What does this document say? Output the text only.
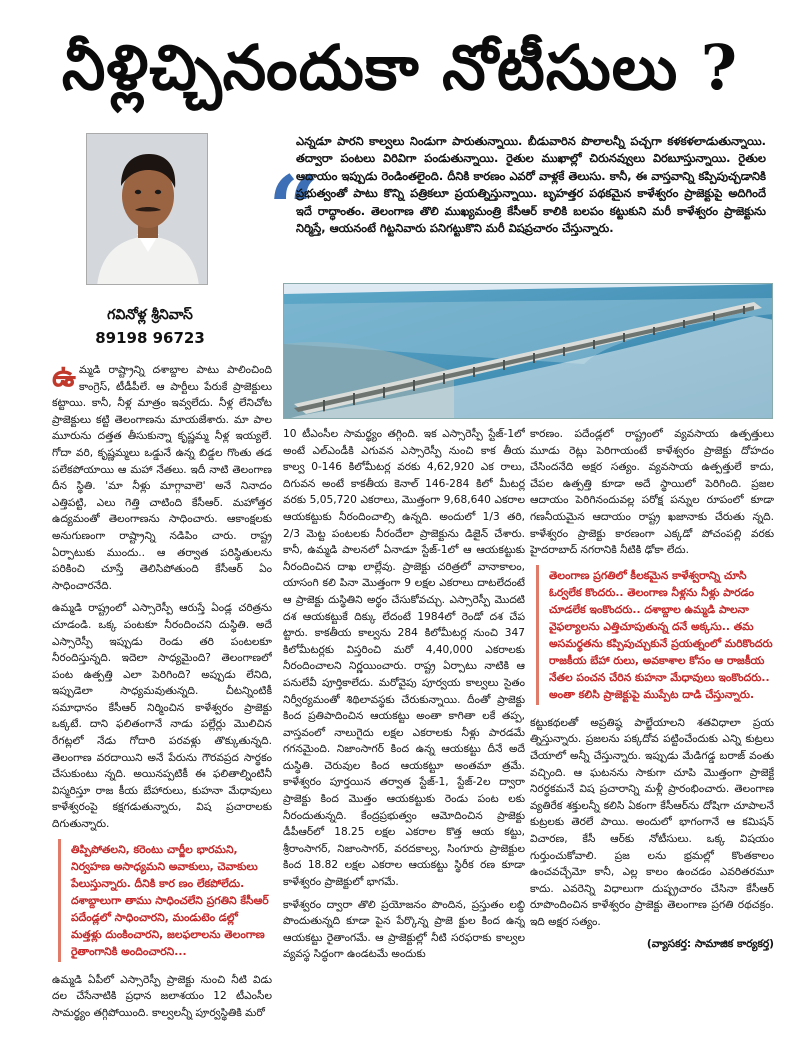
నీళ్లిచ్చినందుకా నోటీసులు ?
గవినోళ్ల శ్రీనివాస్
89198 96723
“

ఎన్నడూ పారని కాల్వలు నిండుగా పారుతున్నాయి. బీడువారిన పొలాలన్నీ పచ్చగా కళకళలాడుతున్నాయి. తద్వారా పంటలు విరివిగా పండుతున్నాయి. రైతుల ముఖాల్లో చిరునవ్వులు విరబూస్తున్నాయి. రైతుల ఆదాయం ఇప్పుడు రెండింతలైంది. దీనికి కారణం ఎవరో వాళ్లకే తెలుసు. కానీ, ఈ వాస్తవాన్ని కప్పిపుచ్చడానికి ప్రభుత్వంతో పాటు కొన్ని పత్రికలూ ప్రయత్నిస్తున్నాయి. బృహత్తర పథకమైన కాళేశ్వరం ప్రాజెక్టుపై అదిగిందే ఇదే రాద్ధాంతం. తెలంగాణ తొలి ముఖ్యమంత్రి కేసీఆర్ కాలికి బలపం కట్టుకుని మరీ కాళేశ్వరం ప్రాజెక్టును నిర్మిస్తే, ఆయనంటే గిట్టనివారు పనిగట్టుకొని మరీ విషప్రచారం చేస్తున్నారు.

ఉమ్మడి రాష్ట్రాన్ని దశాబ్దాల పాటు పాలించింది కాంగ్రెస్, టీడీపీలే. ఆ పార్టీలు పేరుకే ప్రాజెక్టులు కట్టాయి. కానీ, నీళ్ల మాత్రం ఇవ్వలేదు. నీళ్ల లేనిచోట ప్రాజెక్టులు కట్టి తెలంగాణను మాయజేశారు. మా పాల మూరును దత్తత తీసుకున్నా కృష్ణమ్మ నీళ్ల ఇయ్యలే. గోదా వరి, కృష్ణమ్మలు ఒడ్డునే ఉన్న బిడ్డల గొంతు తడ పలేకపోయాయి ఆ మహా నేతలు. ఇదీ నాటి తెలంగాణ దీన స్థితి. 'మా నీళ్లు మాగ్గావాలె' అనే నినాదం ఎత్తిపట్టి, ఎలు గెత్తి చాటింది కేసీఆర్. మహోత్తర ఉద్యమంతో తెలంగాణను సాధించారు. ఆకాంక్షలకు అనుగుణంగా రాష్ట్రాన్ని నడిపిం చారు. రాష్ట్ర ఏర్పాటుకు ముందు.. ఆ తర్వాత పరిస్థితులను పరికించి చూస్తే తెలిసిపోతుంది కేసీఆర్ ఏం సాధించారనేది.

ఉమ్మడి రాష్ట్రంలో ఎస్సారెస్పీ ఆరుస్తే ఏండ్ల చరిత్రను చూడండి. ఒక్క పంటకూ నీరందించని దుస్థితి. అదే ఎస్సారెస్పీ ఇప్పుడు రెండు తరి పంటలకూ నీరందిస్తున్నది. ఇదెలా సాధ్యమైంది? తెలంగాణలో పంట ఉత్పత్తి ఎలా పెరిగింది? అప్పుడు లేనిది, ఇప్పుడెలా సాధ్యమవుతున్నది. చీటన్నింటికీ సమాధానం కేసీఆర్ నిర్మించిన కాళేశ్వరం ప్రాజెక్టు ఒక్కటే. దాని ఫలితంగానే నాడు పల్లేర్లు మొలిచిన రేగట్లలో నేడు గోదారి పరవళ్లు తొక్కుతున్నది. తెలంగాణ వరదాయిని అనే పేరును గౌరవప్రద సార్థకం చేసుకుంటు న్నది. అయినప్పటికీ ఈ ఫలితాల్నింటినీ విస్మరిస్తూ రాజ కీయ బేహారులు, కుహనా మేధావులు కాళేశ్వరంపై కక్షగడుతున్నారు, విష ప్రచారాలకు దిగుతున్నారు.

తిప్పిపోతలని, కరెంటు చార్జీల భారమని, నిర్వహణ అసాధ్యమని అవాకులు, చెవాకులు పేలుస్తున్నారు. దీనికి కార ణం లేకపోలేదు. దశాబ్దాలుగా తాము సాధించలేని ప్రగతిని కేసీఆర్ పదేండ్లలో సాధించారని, మండుటెం డల్లో మత్తళ్లు దుంకించారని, జలఫలాలను తెలంగాణ రైతాంగానికి అందించారని...

ఉమ్మడి ఏపీలో ఎస్సారెస్పీ ప్రాజెక్టు నుంచి నీటి విడు దల చేసేనాటికి ప్రధాన జలాశయం 12 టీఎంసీల సామర్థ్యం తగ్గిపోయింది. కాల్వలన్నీ పూర్వస్థితికి మరో

10 టీఎంసీల సామర్థ్యం తగ్గింది. ఇక ఎస్సారెస్పీ స్టేజ్-1లో అంటే ఎల్ఎండీకి ఎగువన ఎస్సారెస్పీ నుంచి కాక తీయ కాల్వ 0-146 కిలోమీటర్ల వరకు 4,62,920 ఎక రాలు, దిగువన అంటే కాకతీయ కెనాల్ 146-284 కిలో మీటర్ల వరకు 5,05,720 ఎకరాలు, మొత్తంగా 9,68,640 ఎకరాల ఆయకట్టుకు నీరందించాల్సి ఉన్నది. అందులో 1/3 తరి, 2/3 మెట్ట పంటలకు నీరందేలా ప్రాజెక్టును డిజైన్ చేశారు. కానీ, ఉమ్మడి పాలనలో ఏనాడూ స్టేజ్-1లో ఆ ఆయకట్టుకు నీరందించిన దాఖ లాల్లేవు. ప్రాజెక్టు చరిత్రలో వానాకాలం, యాసంగి కలి పినా మొత్తంగా 9 లక్షల ఎకరాలు దాటలేదంటే ఆ ప్రాజెక్టు దుస్థితిని అర్థం చేసుకోవచ్చు. ఎస్సారెస్పీ మొదటి దశ ఆయకట్టుకే దిక్కు లేదంటే 1984లో రెండో దశ చేప ట్టారు. కాకతీయ కాల్వను 284 కిలోమీటర్ల నుంచి 347 కిలోమీటర్లకు విస్తరించి మరో 4,40,000 ఎకరాలకు నీరందించాలని నిర్ణయించారు. రాష్ట్ర ఏర్పాటు నాటికి ఆ పనులేవీ పూర్తికాలేదు. మరోవైపు పూర్వయ కాల్వలు సైతం నిర్వీర్యమంతో శిథిలావస్థకు చేరుకున్నాయి. దీంతో ప్రాజెక్టు కింద ప్రతిపాదించిన ఆయకట్టు అంతా కాగితా లకే తప్ప, వాస్తవంలో నాలుగైదు లక్షల ఎకరాలకు నీళ్లు పారడమే గగనమైంది. నిజాంసాగర్ కింద ఉన్న ఆయకట్టు దీనే అదే దుస్థితి. చెరువుల కింద ఆయకట్టూ అంతమా త్రమే. కాళేశ్వరం పూర్తయిన తర్వాత స్టేజ్-1, స్టేజ్-2ల ద్వారా ప్రాజెక్టు కింద మొత్తం ఆయకట్టుకు రెండు పంట లకు నీరందుతున్నది. కేంద్రప్రభుత్వం ఆమోదించిన ప్రాజెక్టు డీపీఆర్‌లో 18.25 లక్షల ఎకరాల కొత్త ఆయ కట్టు, శ్రీరాంసాగర్, నిజాంసాగర్, వరదకాల్వ, సింగూరు ప్రాజెక్టుల కింద 18.82 లక్షల ఎకరాల ఆయకట్టు స్థిరీక రణ కూడా కాళేశ్వరం ప్రాజెక్టులో భాగమే.

కాళేశ్వరం ద్వారా తొలి ప్రయోజనం పొందిన, ప్రస్తుతం లబ్ధి పొందుతున్నది కూడా పైన పేర్కొన్న ప్రాజె క్టుల కింద ఉన్న ఆయకట్టు రైతాంగమే. ఆ ప్రాజెక్టుల్లో నీటి సరఫరాకు కాల్వల వ్యవస్థ సిద్ధంగా ఉండటమే అందుకు

కారణం. పదేండ్లలో రాష్ట్రంలో వ్యవసాయ ఉత్పత్తులు మూడు రెట్లు పెరిగాయంటే కాళేశ్వరం ప్రాజెక్టు దోహదం చేసిందనేది అక్షర సత్యం. వ్యవసాయ ఉత్పత్తులే కాదు, చేపల ఉత్పత్తి కూడా అదే స్థాయిలో పెరిగింది. ప్రజల ఆదాయం పెరిగినందువల్ల పరోక్ష పన్నుల రూపంలో కూడా గణనీయమైన ఆదాయం రాష్ట్ర ఖజానాకు చేరుతు న్నది. కాళేశ్వరం ప్రాజెక్టు కారణంగా ఎక్కడో పోచంపల్లి వరకు హైదరాబాద్ నగరానికి నీటికి ఢోకా లేదు.

తెలంగాణ ప్రగతిలో కీలకమైన కాళేశ్వరాన్ని చూసి ఓర్వలేక కొందరు.. తెలంగాణ నీళ్లను నీళ్లు పారడం చూడలేక ఇంకొందరు.. దశాబ్దాల ఉమ్మడి పాలనా వైఫల్యాలను ఎత్తిచూపుతున్న దనే అక్కసు.. తమ అసమర్థతను కప్పిపుచ్చుకునే ప్రయత్నంలో మరికొందరు రాజకీయ బేహా రులు, అవకాశాల కోసం ఆ రాజకీయ నేతల పంచన చేరిన కుహనా మేధావులు ఇంకొందరు.. అంతా కలిసి ప్రాజెక్టుపై ముప్పేట దాడి చేస్తున్నారు.

కట్టుకథలతో అప్రతిష్ఠ పాల్జేయాలని శతవిధాలా ప్రయ త్నిస్తున్నారు. ప్రజలను పక్కదోవ పట్టించేందుకు ఎన్ని కుట్రలు చేయాలో అన్నీ చేస్తున్నారు. ఇప్పుడు మేడిగడ్డ బరాజ్ వంతు వచ్చింది. ఆ ఘటనను సాకుగా చూపి మొత్తంగా ప్రాజెక్టే నిరర్థకమనే విష ప్రచారాన్ని మళ్లీ ప్రారంభించారు. తెలంగాణ వ్యతిరేక శక్తులన్నీ కలిసి ఏకంగా కేసీఆర్‌ను దోషిగా చూపాలనే కుట్రలకు తెరలే పాయి. అందులో భాగంగానే ఆ కమిషన్ విచారణ, కేసీ ఆర్‌కు నోటీసులు. ఒక్క విషయం గుర్తుంచుకోవాలి. ప్రజ లను భ్రమల్లో కొంతకాలం ఉంచవచ్చేమో కానీ, ఎల్ల కాలం ఉంచడం ఎవరితరమూ కాదు. ఎవరెన్ని విధాలుగా దుష్ప్రచారం చేసినా కేసీఆర్ రూపొందించిన కాళేశ్వరం ప్రాజెక్టు తెలంగాణ ప్రగతి రథచక్రం. ఇది అక్షర సత్యం.

(వ్యాసకర్త: సామాజిక కార్యకర్త)
